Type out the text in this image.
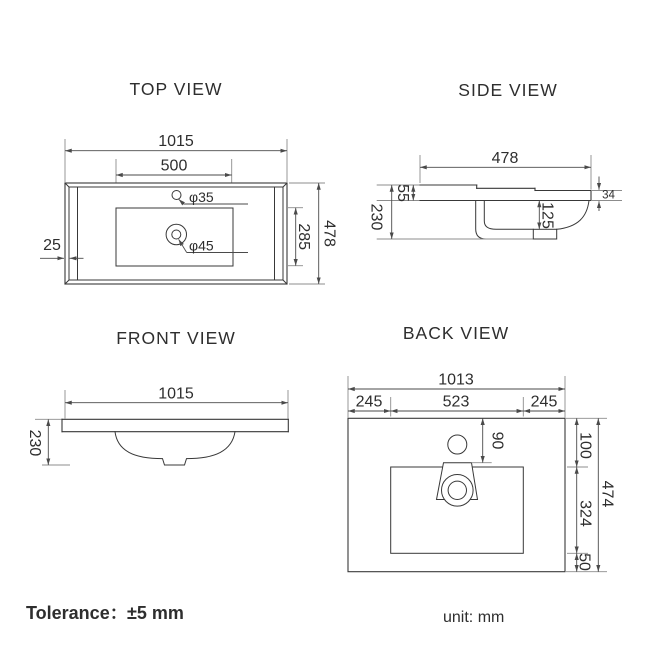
TOP VIEW
1015
500
25	285 478
φ35
φ45
SIDE VIEW
478
230
55
125
34
FRONT VIEW
1015
230
BACK VIEW
1013
245	523	245
90	100
324
50
474
Tolerance： ±5 mm	unit: mm
